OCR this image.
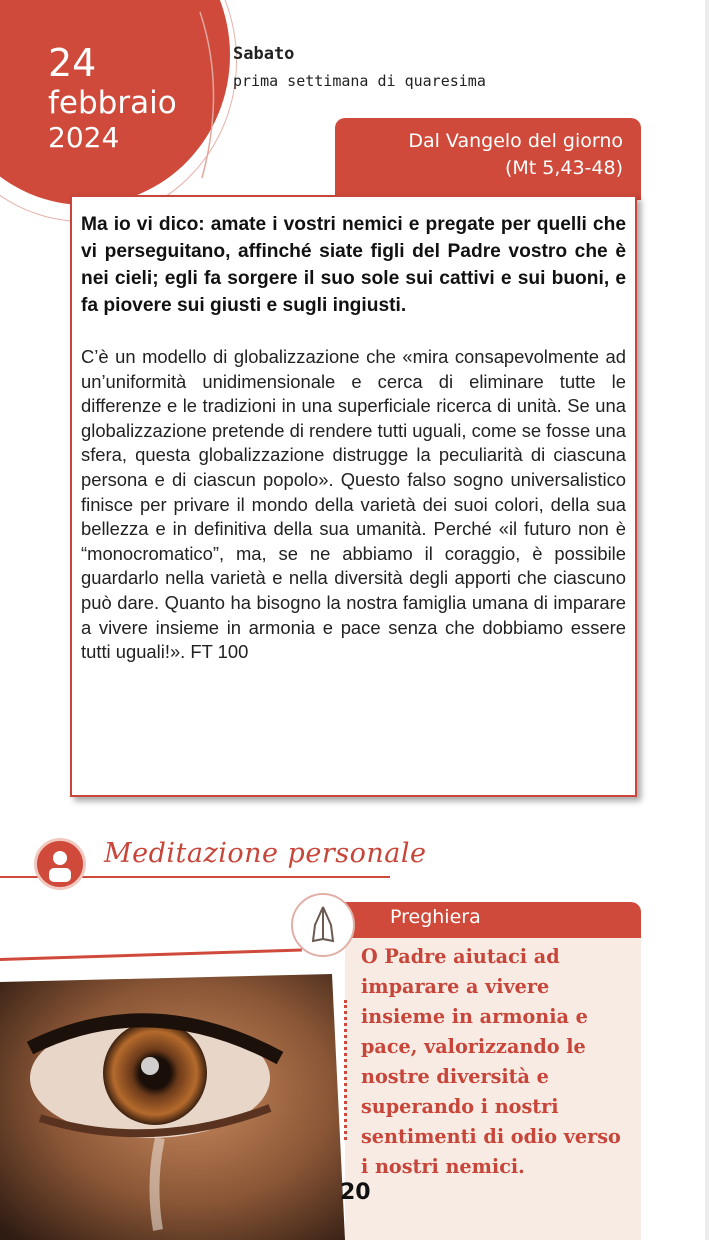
24
febbraio
2024
Sabato
prima settimana di quaresima
Dal Vangelo del giorno
(Mt 5,43-48)

Ma io vi dico: amate i vostri nemici e pregate per quelli che vi perseguitano, affinché siate figli del Padre vostro che è nei cieli; egli fa sorgere il suo sole sui cattivi e sui buoni, e fa piovere sui giusti e sugli ingiusti.

C’è un modello di globalizzazione che «mira consapevolmente ad un’uniformità unidimensionale e cerca di eliminare tutte le differenze e le tradizioni in una superficiale ricerca di unità. Se una globalizzazione pretende di rendere tutti uguali, come se fosse una sfera, questa globalizzazione distrugge la peculiarità di ciascuna persona e di ciascun popolo». Questo falso sogno universalistico finisce per privare il mondo della varietà dei suoi colori, della sua bellezza e in definitiva della sua umanità. Perché «il futuro non è “monocromatico”, ma, se ne abbiamo il coraggio, è possibile guardarlo nella varietà e nella diversità degli apporti che ciascuno può dare. Quanto ha bisogno la nostra famiglia umana di imparare a vivere insieme in armonia e pace senza che dobbiamo essere tutti uguali!». FT 100

Meditazione personale
Preghiera

O Padre aiutaci ad imparare a vivere insieme in armonia e pace, valorizzando le nostre diversità e superando i nostri sentimenti di odio verso i nostri nemici.

20
